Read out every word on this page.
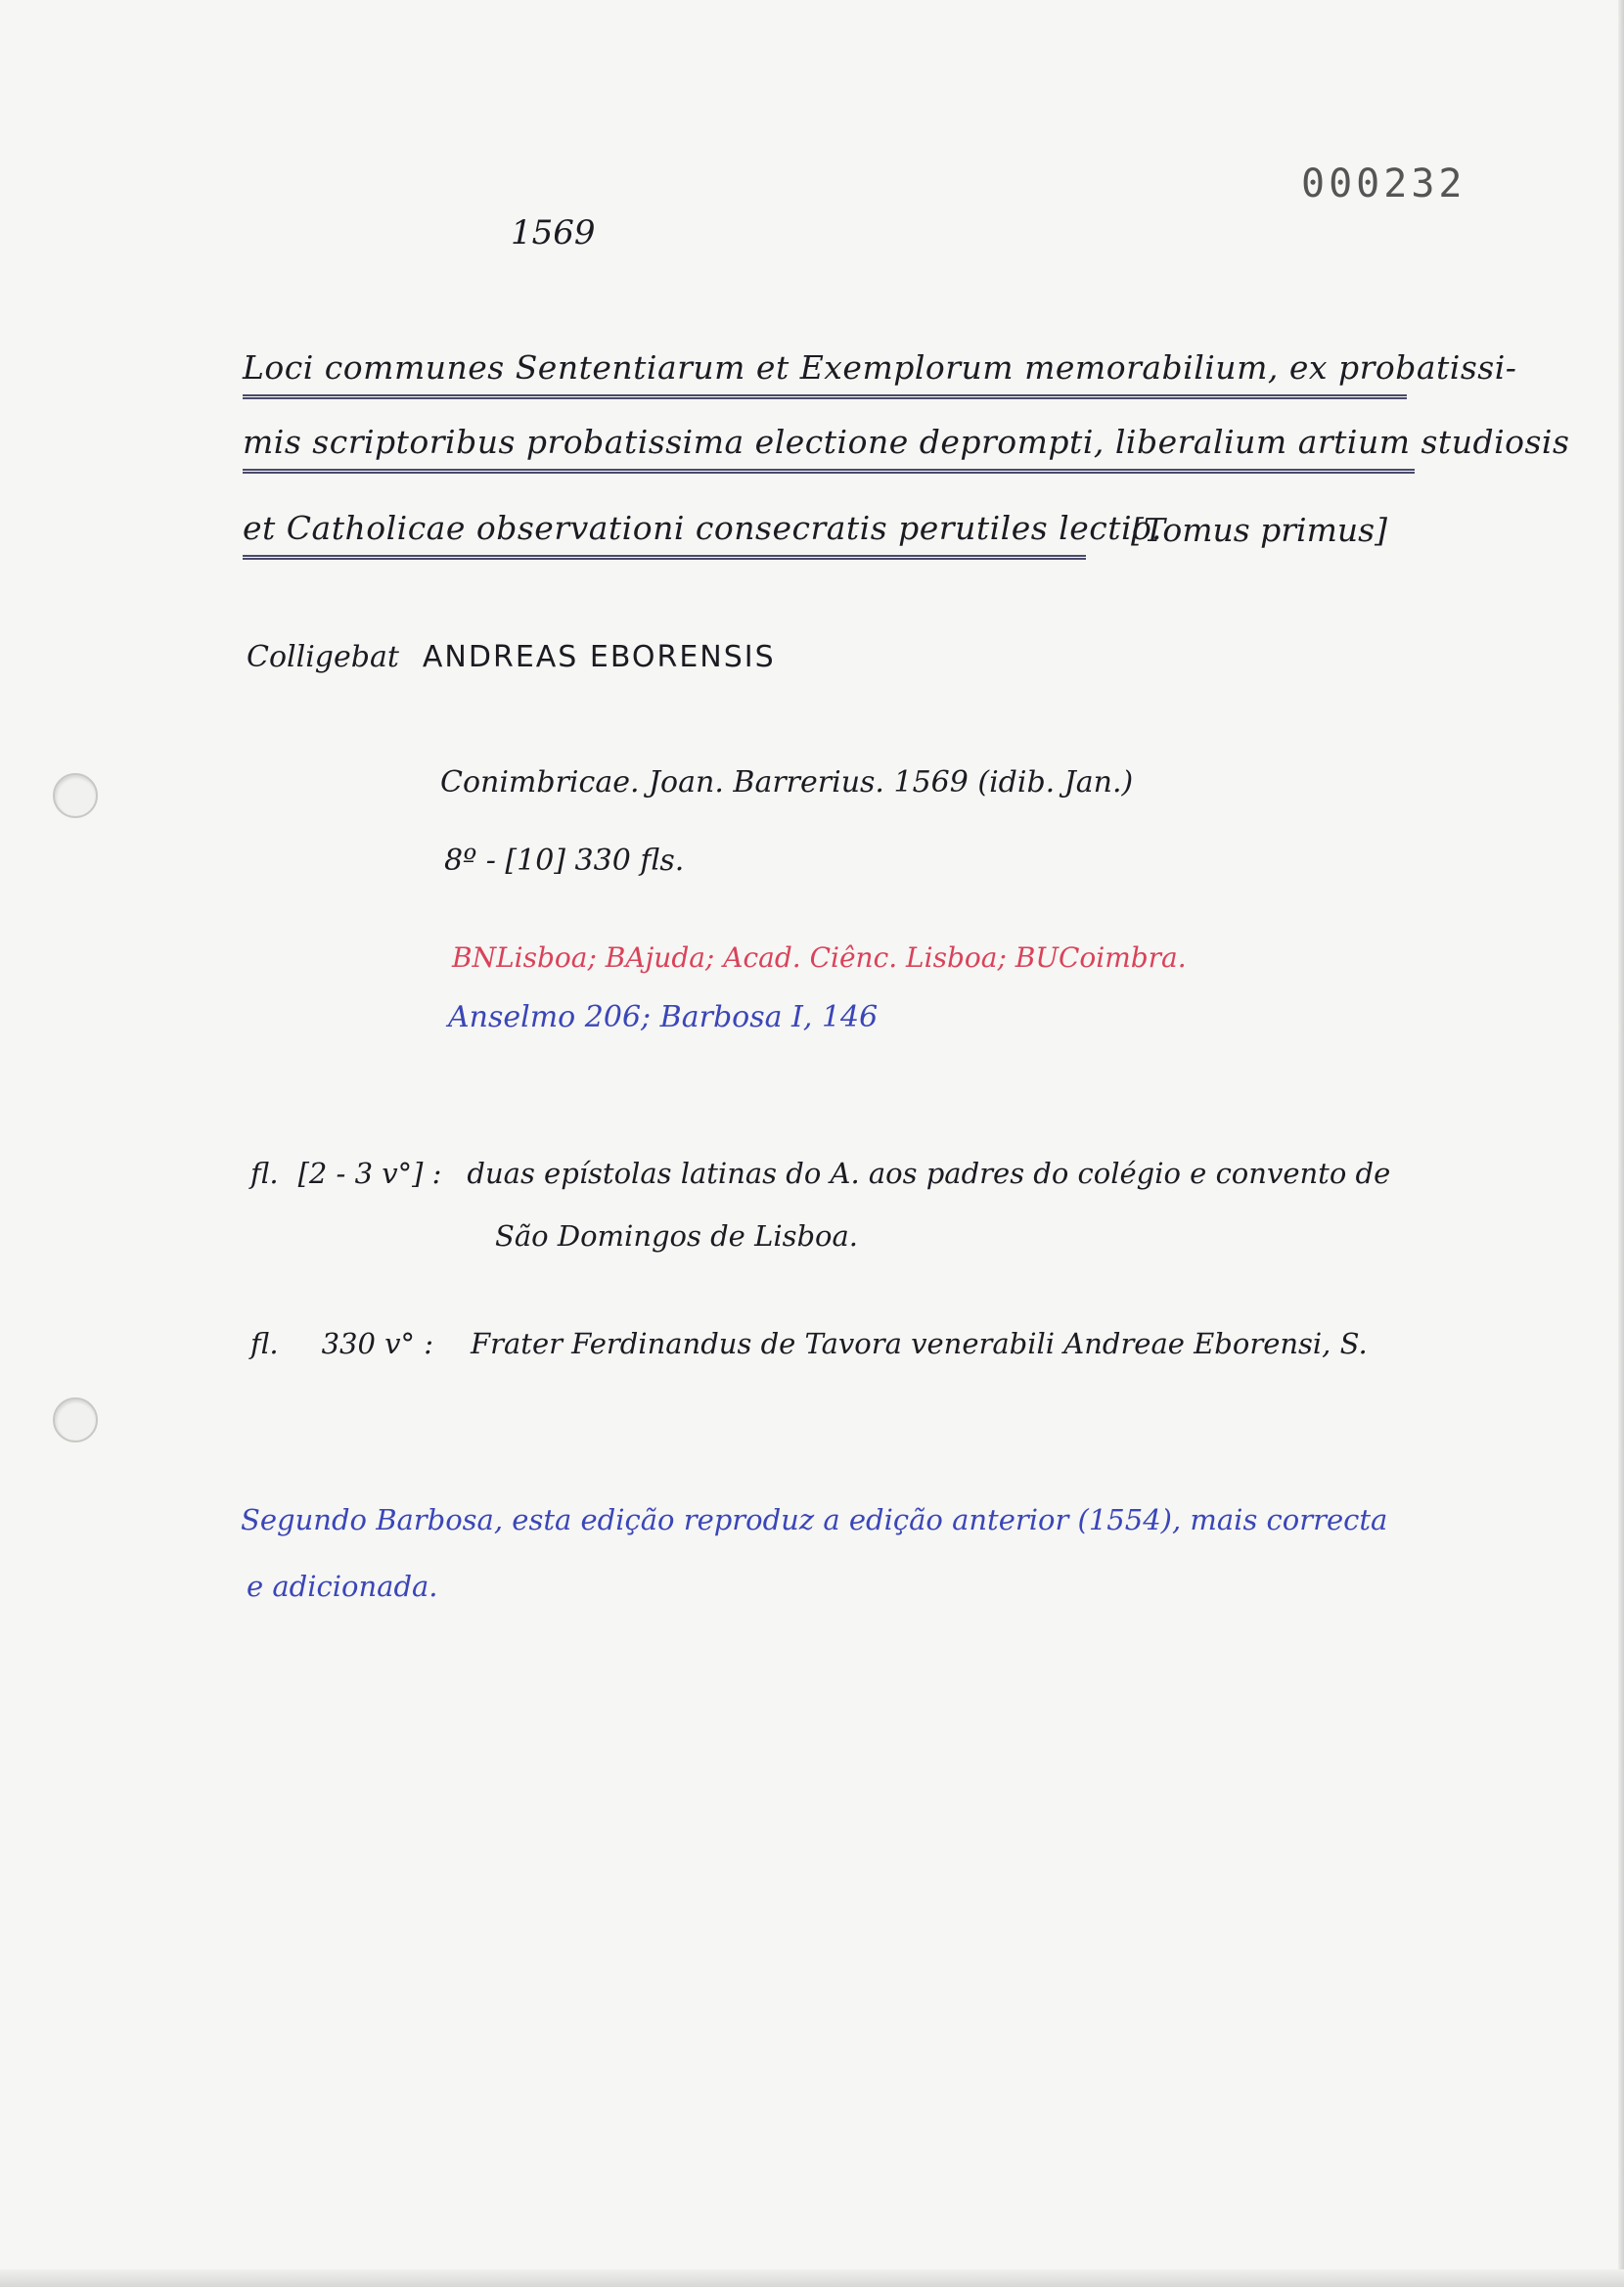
000232
1569
Loci communes Sententiarum et Exemplorum memorabilium, ex probatissi-
mis scriptoribus probatissima electione deprompti, liberalium artium studiosis
et Catholicae observationi consecratis perutiles lectio.
[Tomus primus]
Colligebat ANDREAS EBORENSIS
Conimbricae. Joan. Barrerius. 1569 (idib. Jan.)
8º - [10] 330 fls.
BNLisboa; BAjuda; Acad. Ciênc. Lisboa; BUCoimbra.
Anselmo 206; Barbosa I, 146
fl. [2 - 3 v°] : duas epístolas latinas do A. aos padres do colégio e convento de
São Domingos de Lisboa.
fl. 330 v° : Frater Ferdinandus de Tavora venerabili Andreae Eborensi, S.
Segundo Barbosa, esta edição reproduz a edição anterior (1554), mais correcta
e adicionada.
